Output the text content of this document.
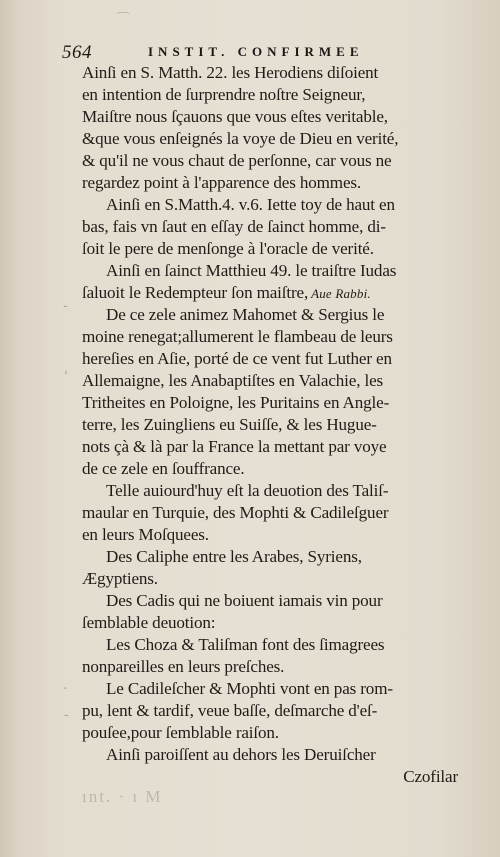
564	INSTIT. CONFIRMEE
⌒
-
'
.
-
Ainſi en S. Matth. 22. les Herodiens diſoient
en intention de ſurprendre noſtre Seigneur,
Maiſtre nous ſçauons que vous eſtes veritable,
&que vous enſeignés la voye de Dieu en verité,
& qu'il ne vous chaut de perſonne, car vous ne
regardez point à l'apparence des hommes.
Ainſi en S.Matth.4. v.6. Iette toy de haut en
bas, fais vn ſaut en eſſay de ſainct homme, di-
ſoit le pere de menſonge à l'oracle de verité.
Ainſi en ſainct Matthieu 49. le traiſtre Iudas
ſaluoit le Redempteur ſon maiſtre, Aue Rabbi.
De ce zele animez Mahomet & Sergius le
moine renegat;allumerent le flambeau de leurs
hereſies en Aſie, porté de ce vent fut Luther en
Allemaigne, les Anabaptiſtes en Valachie, les
Tritheites en Poloigne, les Puritains en Angle-
terre, les Zuingliens eu Suiſſe, & les Hugue-
nots çà & là par la France la mettant par voye
de ce zele en ſouffrance.
Telle auiourd'huy eſt la deuotion des Taliſ-
maular en Turquie, des Mophti & Cadileſguer
en leurs Moſquees.
Des Caliphe entre les Arabes, Syriens,
Ægyptiens.
Des Cadis qui ne boiuent iamais vin pour
ſemblable deuotion:
Les Choza & Taliſman font des ſimagrees
nonpareilles en leurs preſches.
Le Cadileſcher & Mophti vont en pas rom-
pu, lent & tardif, veue baſſe, deſmarche d'eſ-
pouſee,pour ſemblable raiſon.
Ainſi paroiſſent au dehors les Deruiſcher
Czofilar
ınt. · ı M
